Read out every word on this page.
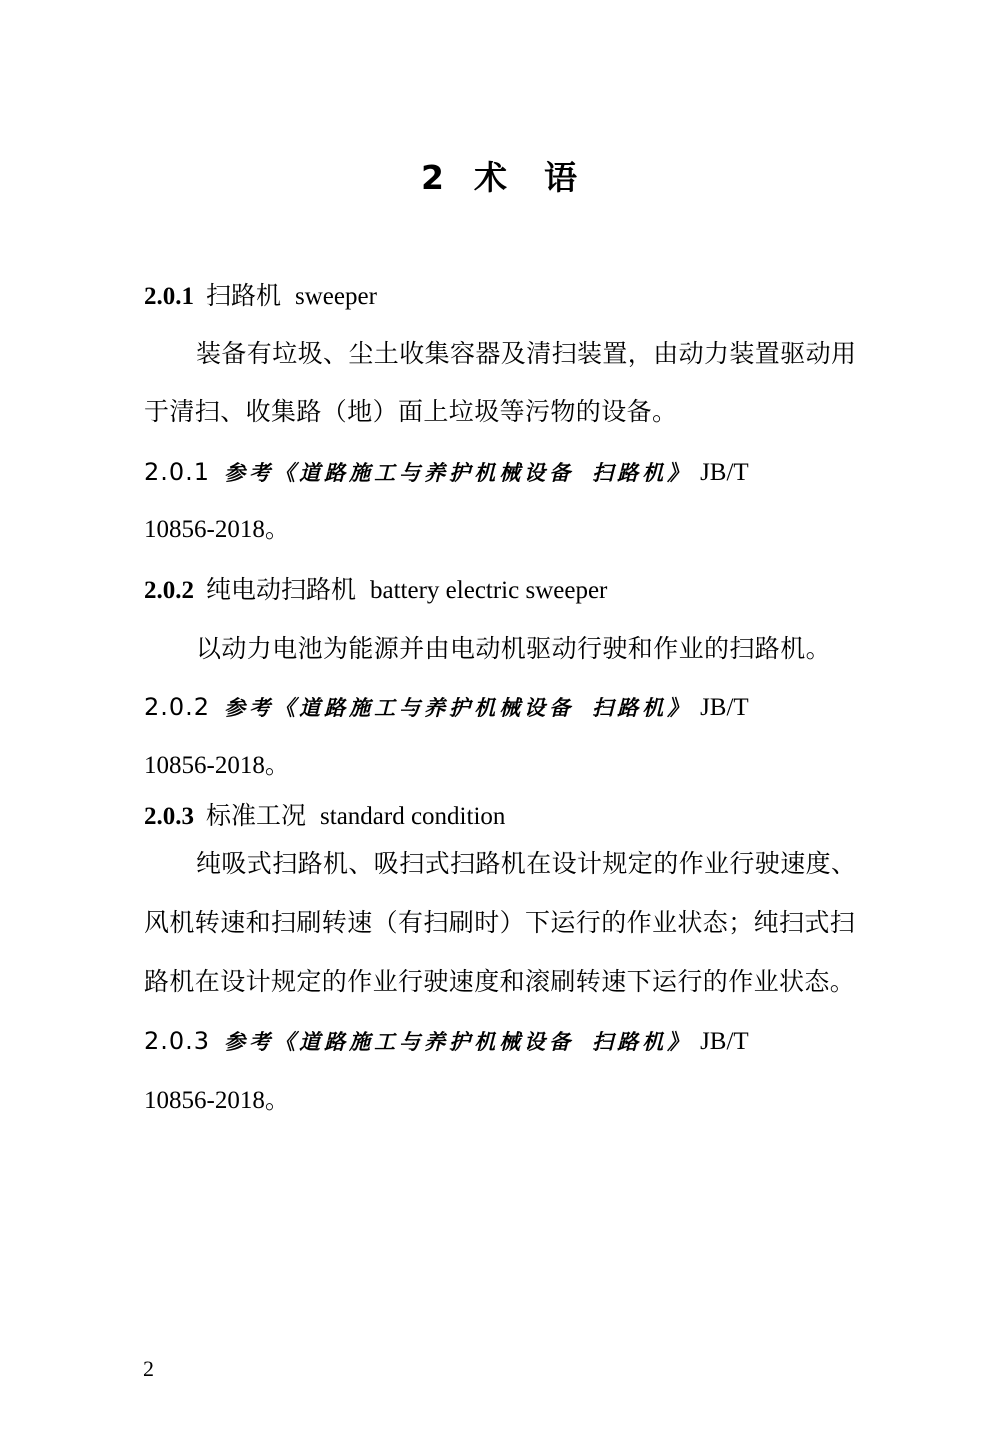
2 术　语
2.0.1 扫路机 sweeper
装备有垃圾、尘土收集容器及清扫装置，由动力装置驱动用
于清扫、收集路（地）面上垃圾等污物的设备。
2.0.1 参考《道路施工与养护机械设备 扫路机》 JB/T
10856-2018。
2.0.2 纯电动扫路机 battery electric sweeper
以动力电池为能源并由电动机驱动行驶和作业的扫路机。
2.0.2 参考《道路施工与养护机械设备 扫路机》 JB/T
10856-2018。
2.0.3 标准工况 standard condition
纯吸式扫路机、吸扫式扫路机在设计规定的作业行驶速度、
风机转速和扫刷转速（有扫刷时）下运行的作业状态；纯扫式扫
路机在设计规定的作业行驶速度和滚刷转速下运行的作业状态。
2.0.3 参考《道路施工与养护机械设备 扫路机》 JB/T
10856-2018。
2
